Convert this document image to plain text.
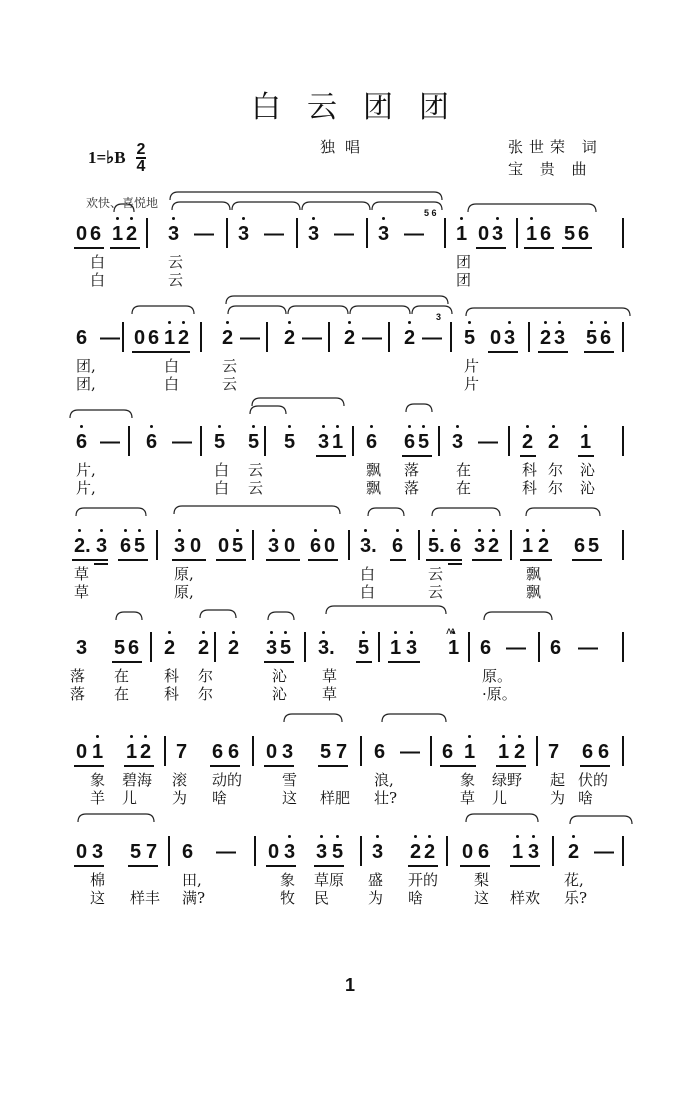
白云团团
1=♭B $\frac{2}{4}$	独唱	张世荣 词
宝 贵 曲
欢快、喜悦地
0 6 1 2 3 — 3 — 3 — 3 — 1 0 3 1 6 5 6
5 6
白	云	团
白	云	团
6 — 0 6 1 2 2 — 2 — 2 — 2 — 5 0 3 2 3 5 6
3
团,	白	云	片
团,	白	云	片
6 — 6 — 5 5 5 3 1 6 6 5 3 — 2 2 1
片,	白 云	飘 落 在	科 尔 沁
片,	白 云	飘 落 在	科 尔 沁
2. 3 6 5 3 0 0 5 3 0 6 0 3. 6 5. 6 3 2 1 2 6 5
草	原,	白	云	飘
草	原,	白	云	飘
3 5 6 2 2 2 3 5 3. 5 1 3 1 6 — 6 —
ᴧᴧ
落 在 科 尔	沁 草	原。
落 在 科 尔	沁 草	·原。
0 1 1 2 7 6 6 0 3 5 7 6 — 6 1 1 2 7 6 6
象 碧海 滚 动的	雪	浪,	象 绿野 起 伏的
羊 儿 为 啥	这 样肥 壮?	草 儿	为 啥
0 3 5 7 6 — 0 3 3 5 3 2 2 0 6 1 3 2 —
棉	田,	象 草原 盛 开的 梨	花,
这 样丰 满?	牧 民	为 啥	这 样欢 乐?
1
